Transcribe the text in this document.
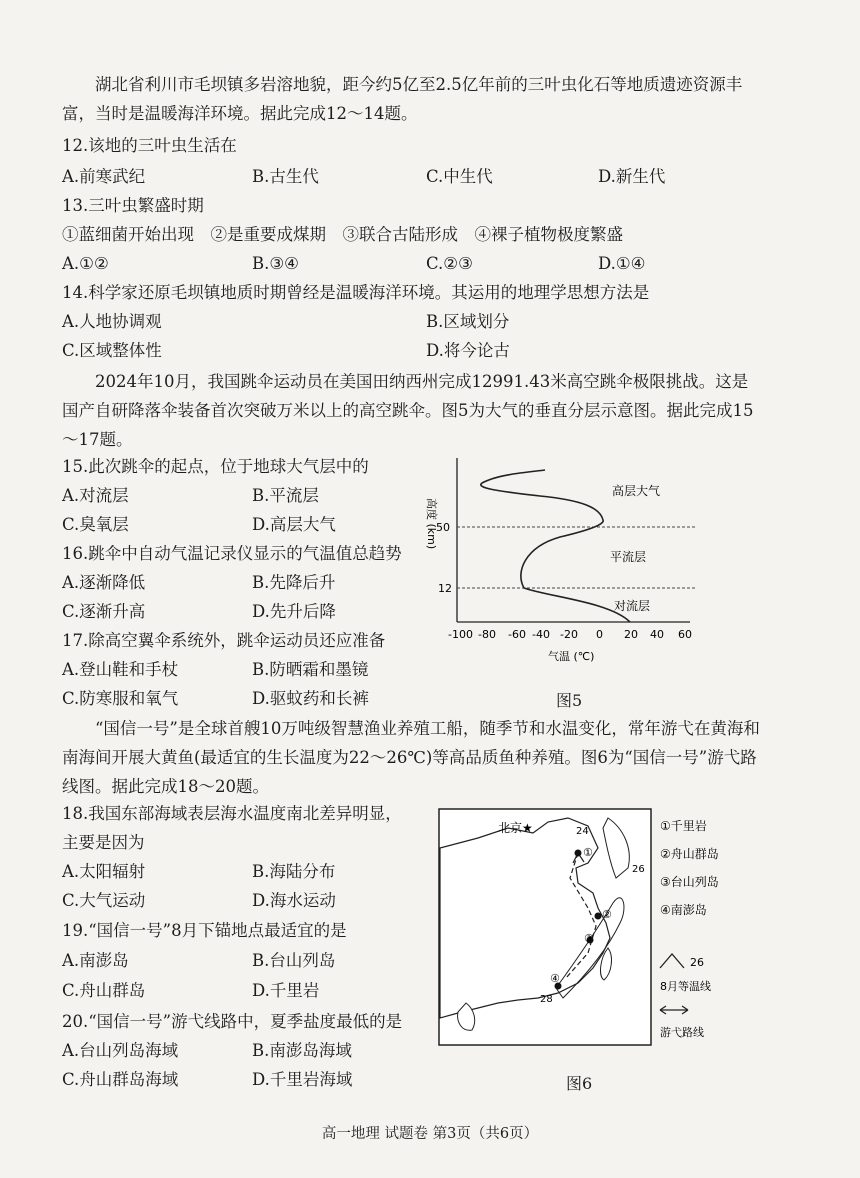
湖北省利川市毛坝镇多岩溶地貌，距今约5亿至2.5亿年前的三叶虫化石等地质遗迹资源丰富，当时是温暖海洋环境。据此完成12～14题。

12.该地的三叶虫生活在
A.前寒武纪	B.古生代	C.中生代	D.新生代
13.三叶虫繁盛时期
①蓝细菌开始出现　②是重要成煤期　③联合古陆形成　④裸子植物极度繁盛
A.①②	B.③④	C.②③	D.①④
14.科学家还原毛坝镇地质时期曾经是温暖海洋环境。其运用的地理学思想方法是
A.人地协调观	B.区域划分
C.区域整体性	D.将今论古

2024年10月，我国跳伞运动员在美国田纳西州完成12991.43米高空跳伞极限挑战。这是国产自研降落伞装备首次突破万米以上的高空跳伞。图5为大气的垂直分层示意图。据此完成15～17题。

15.此次跳伞的起点，位于地球大气层中的
A.对流层	B.平流层
C.臭氧层	D.高层大气
16.跳伞中自动气温记录仪显示的气温值总趋势
A.逐渐降低	B.先降后升
C.逐渐升高	D.先升后降
17.除高空翼伞系统外，跳伞运动员还应准备
A.登山鞋和手杖	B.防晒霜和墨镜
C.防寒服和氧气	D.驱蚊药和长裤
50
12
高度 (km)
高层大气
平流层
对流层
-100 -80 -60 -40 -20 0 20 40 60
气温 (℃)
图5

“国信一号”是全球首艘10万吨级智慧渔业养殖工船，随季节和水温变化，常年游弋在黄海和南海间开展大黄鱼(最适宜的生长温度为22～26℃)等高品质鱼种养殖。图6为“国信一号”游弋路线图。据此完成18～20题。

18.我国东部海域表层海水温度南北差异明显，
主要是因为
A.太阳辐射	B.海陆分布
C.大气运动	D.海水运动
19.“国信一号”8月下锚地点最适宜的是
A.南澎岛	B.台山列岛
C.舟山群岛	D.千里岩
20.“国信一号”游弋线路中，夏季盐度最低的是
A.台山列岛海域	B.南澎岛海域
C.舟山群岛海域	D.千里岩海域
北京★
①
②
③
④
24
26
28
①千里岩
②舟山群岛
③台山列岛
④南澎岛
26
8月等温线
游弋路线
图6
高一地理 试题卷 第3页（共6页）
